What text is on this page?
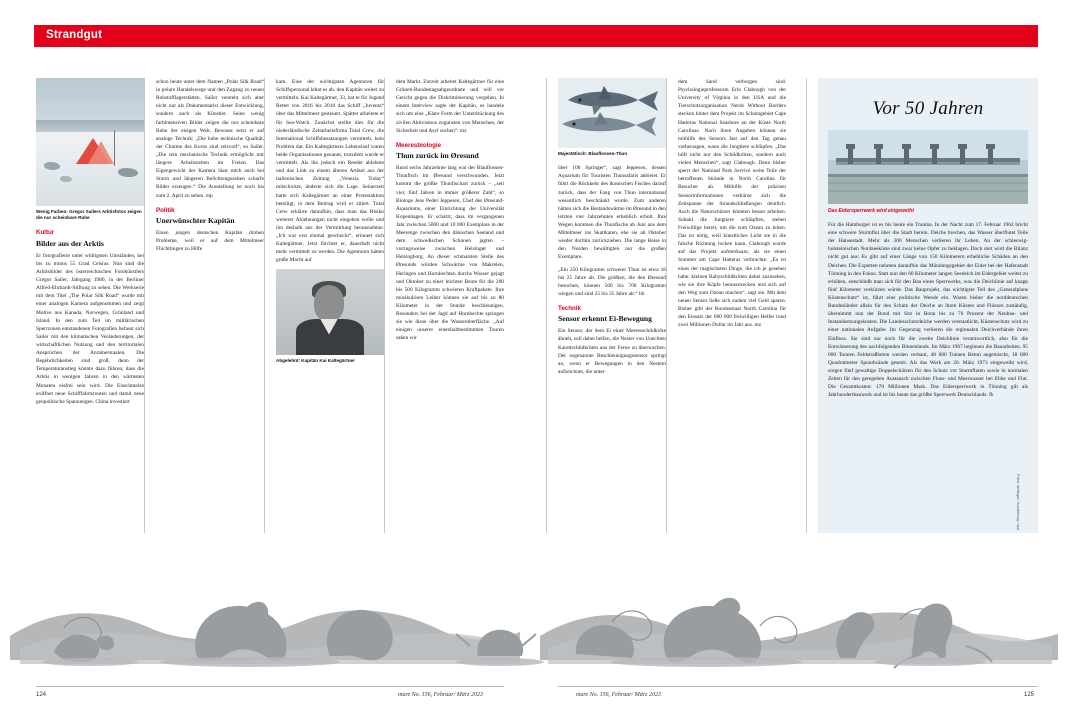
Strandgut
Wenig Farben: Gregor Sailers Arktisfotos zeigen die nur scheinbare Ruhe
Kultur
Bilder aus der Arktis

Er fotografierte unter widrigsten Umständen, bei bis zu minus 55 Grad Celsius. Nun sind die Arktisbilder des österreichischen Fotokünstlers Gregor Sailer, Jahrgang 1980, in der Berliner Alfred-Ehrhardt-Stiftung zu sehen. Die Werkserie mit dem Titel „The Polar Silk Road“ wurde mit einer analogen Kamera aufgenommen und zeigt Motive aus Kanada, Norwegen, Grönland und Island. In den zum Teil im militärischen Sperrzonen entstandenen Fotografien befasst sich Sailer mit den klimatischen Veränderungen, der wirtschaftlichen Nutzung und den territorialen Ansprüchen der Anrainerstaaten. Die Begehrlichkeiten sind groß, denn der Temperaturanstieg könnte dazu führen, dass die Arktis in wenigen Jahren in den wärmsten Monaten eisfrei sein wird. Die Eisschmelze eröffnet neue Schifffahrtsrouten und damit neue geopolitische Spannungen. China investiert

schon heute unter dem Namen „Polar Silk Road“ in polare Handelswege und den Zugang zu neuen Rohstofflagerstätten. Sailer versteht sich aber nicht nur als Dokumentarist dieser Entwicklung, sondern auch als Künstler. Seine wenig farbintensiven Bilder zeigen die nur scheinbare Ruhe der eisigen Welt. Bewusst setzt er auf analoge Technik: „Die hohe technische Qualität, der Charme des Korns sind reizvoll“, so Sailer. „Die rein mechanische Technik ermöglicht mir längere Arbeitszeiten im Freien. Das Eigengewicht der Kamera lässt mich auch bei Sturm und längeren Belichtungszeiten scharfe Bilder erzeugen.“ Die Ausstellung ist noch bis zum 2. April zu sehen. mp

Politik
Unerwünschter Kapitän

Einen jungen deutschen Kapitän drohen Probleme, weil er auf dem Mittelmeer Flüchtlingen zu Hilfe

kam. Eine der wichtigsten Agenturen für Schiffspersonal lehnt es ab, den Kapitän weiter zu vermitteln. Kai Kaltegärtner, 33, hat te für Jugend Rettet von 2016 bis 2018 das Schiff „Iuventa“ über das Mittelmeer gesteuert. Spätter arbeitete er für Sea-Watch. Zunächst stellte dies für die niederländische Zeitarbeitsfirma Total Crew, die International Schiffsbesatzungen vermittelt, kein Problem dar. Ein Kaltegärtners Lebenslauf waren beide Organisationen genannt, trotzdem wurde er vermittelt. Als ihn jedoch ein Reeder ablehnte und das Link zu einem älteren Artikel aus der italienischen Zeitung „Venezia Today“ mitschickte, änderte sich die Lage. Seinerzeit hatte sich Kaltegärtner an einer Protestaktion beteiligt, in dem Beitrag wird er zitiert. Total Crew erklärte daraufhin, dass man das Risiko weiterer Ablehnungen nicht eingehen wolle und ihn deshalb aus der Vermittlung herausnehme. „Ich war erst einmal geschockt“, erinnert sich Kaltegärtner. Jetzt fürchtet er, dauerhaft nicht mehr vermittelt zu werden. Die Agenturen hätten große Macht auf

Abgelehnt: Kapitän Kai Kaltegärtner

dem Markt. Zurzeit arbeitet Kaltegärtner für eine Grünen-Bundestagsabgeordnete und will vor Gericht gegen die Diskriminierung vorgehen. In einem Interview sagte der Kapitän, es handele sich um eine „Klare Form der Unterdrückung des zivilen Aktivismus zugunsten von Menschen, der Sicherheit und Asyl suchen“. mz

Meeresbiologie
Thun zurück im Øresund

Rund sechs Jahrzehnte lang war der Blauflossen-Thunfisch im Øresund verschwunden. Jetzt kommt die größte Thunfischart zurück – „seit vier, fünf Jahren in immer größerer Zahl“, so Biologe Jens Peder Jeppesen, Chef des Øresund-Aquariums, einer Einrichtung der Universität Kopenhagen. Er schätzt, dass im vergangenen Jahr zwischen 5000 und 10 000 Exemplare in der Meerenge zwischen den dänischen Seeland und dem schwedischen Schonen jagten – vorzugsweise zwischen Helsingør und Helsingborg. An dieser schmalsten Stelle des Øresunds würden Schwärme von Makrelen, Heringen und Hornhechten durchs Wasser gejagt und Oktober zu einer leichten Beute für die 200 bis 500 Kilogramm schwieren Kraftpakete. Ihre musikulösen Leiber können sie auf bis zu 80 Kilometer in der Stunde beschleunigen. Besonders bei der Jagd auf Hornhechte springen sie wie diese über die Wasseroberfläche. „Auf einigen unserer einenhaltbestimmten Touren sahen wir

Majestätisch: Blauflossen-Thun

über 100 Springer“, sagt Jeppesen, dessen Aquarium für Touristen Thunsafaris anbietet. Er führt die Rückkehr des ikonischen Fisches darauf zurück, dass der Fang von Thun international wesentlich beschränkt wurde. Zum anderen hätten sich die Bestandswärme im Øresund in den letzten vier Jahrzehnten erheblich erholt. Ihre Wegen kommen die Thunfische ab Juni aus dem Mittelmeer ins Skattkaten, ehe sie ab Oktober wieder dorthin zurückziehen. Die lange Reise in den Norden bewältigten nur die großen Exemplare.

„Ein 250 Kilogramm schwerer Thun ist etwa 18 bis 25 Jahre alt. Die größten, die den Øresund besuchen, können 500 bis 700 Kilogramm wiegen und sind 25 bis 35 Jahre alt.“ bh

Technik
Sensor erkennt Ei-Bewegung

Ein Sensor, der dem Ei einer Meeresschildkröte ähnelt, soll dabei helfen, die Nester von Unechten Karettschildkröten aus der Ferne zu überwachen. Der sogenannte Beschleunigungssensor springt an, wenn er Bewegungen in den Nestern aufzeichnet, die unter

dem Sand verborgen sind. Psychologieprofessorin Erin Clabough von der University of Virginia in den USA und die Tierschutzorganisation Nerds Without Borders stecken hinter dem Projekt im Schutzgebiet Cape Hatteras National Seashore an der Küste North Carolinas. Nach ihren Angaben können sie mithilfe des Sensors fast auf den Tag genau vorhersagen, wann die Jungtiere schlüpfen. „Das hilft nicht nur den Schildkröten, sondern auch vielen Menschen“, sagt Clabough. Denn bisher sperrt der National Park Service weite Teile der betroffenen Strände in North Carolina für Besucher ab. Mithilfe der präzisen Sensorinformationen verkürze sich die Zeitspanne der Strandschließungen deutlich. Auch die Naturschützer könnten besser arbeiten. Sobald die Jungtiere schlüpften, stehen Freiwillige bereit, um die zum Ozean zu leiten. Das ist nötig, weil künstliches Licht sie in die falsche Richtung locken kann. Clabough wurde auf das Projekt aufmerksam, als sie einen Sommer am Cape Hatteras verbrachte. „Es ist eines der magischsten Dinge, die ich je gesehen habe: kleinen Babyschildkröten dabei zuzusehen, wie sie ihre Köpfe herausstrecken und sich auf den Weg zum Ozean machen“, sagt sie. Mit dem neuen Sensor ließe sich zudem viel Geld sparen. Bisher gibt der Bundesstaat North Carolina für den Einsatz der 600 000 freiwilligen Helfer rund zwei Millionen Dollar im Jahr aus. mz

Vor 50 Jahren
Das Eidersperrwerk wird eingeweiht

Für die Hamburger ist es bis heute ein Trauma. In der Nacht zum 17. Februar 1962 bricht eine schwere Sturmflut über die Stadt herein. Deiche brechen, das Wasser überflutet Teile der Hansestadt. Mehr als 300 Menschen verlieren ihr Leben. An der schleswig-holsteinischen Nordseeküste sind zwar keine Opfer zu beklagen. Doch dort wird die Bilanz nicht gut aus: Es gibt auf einer Länge von 150 Kilometern erhebliche Schäden an den Deichen. Die Experten nehmen daraufhin das Mündungsgebiet der Eider bei der Hafenstadt Tönning in den Fokus. Statt nun den 60 Kilometer langen Seedeich im Eidergebiet weiter zu erhöhen, entschließt man sich für den Bau eines Sperrwerks, was die Deichlinie auf knapp fünf Kilometer verkürzen würde. Das Bauprojekt, das wichtigste Teil des „Generalplans Küstenschutz“ ist, führt eine politische Wende ein. Waren bisher die norddeutschen Bundesländer allein für den Schutz der Deiche an ihren Küsten und Flüssen zuständig, übernimmt nun der Bund mit Sitz in Bonn bis zu 70 Prozent der Neubau- und Instandsetzungskosten. Die Landesschutzdeiche werden verstaatlicht, Küstenschutz wird zu einer nationalen Aufgabe. Im Gegenzug verlieren die regionalen Deichverbände ihren Einfluss. Sie sind nur noch für die zweite Deichlinie verantwortlich, also für die Entwässerung des nachfolgenden Binnenlands. Im März 1967 beginnen die Bauarbeiten. 95 000 Tonnen Feldstraßbeton werden verbaut, 48 000 Tonnen Beton angemischt, 18 000 Quadratmeter Spundwände gesetzt. Als das Werk am 20. März 1973 eingeweiht wird, sorgen fünf gewaltige Doppelschützen für den Schutz vor Sturmfluten sowie in normalen Zeiten für den geregelten Austausch zwischen Fluss- und Meerwasser bei Ebbe und Flut. Die Gesamtkosten: 170 Millionen Mark. Das Eidersperrwerk in Tönning gilt als Jahrhundertbauwerk und ist bis heute das größte Sperrwerk Deutschlands. fk

Fotos: Anfänger / Ausstellung / dpa
124	125
mare No. 156, Februar/ März 2023	mare No. 156, Februar/ März 2023
